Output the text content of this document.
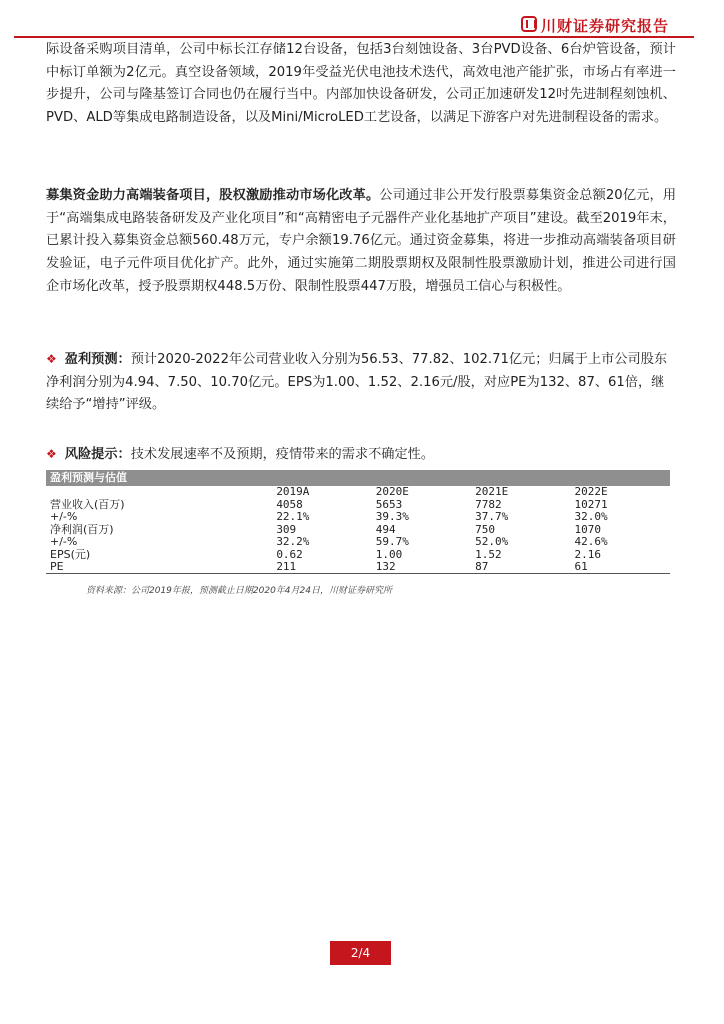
川财证券研究报告
际设备采购项目清单，公司中标长江存储12台设备，包括3台刻蚀设备、3台PVD设备、6台炉管设备，预计中标订单额为2亿元。真空设备领域，2019年受益光伏电池技术迭代，高效电池产能扩张，市场占有率进一步提升，公司与隆基签订合同也仍在履行当中。内部加快设备研发，公司正加速研发12吋先进制程刻蚀机、PVD、ALD等集成电路制造设备，以及Mini/MicroLED工艺设备，以满足下游客户对先进制程设备的需求。
募集资金助力高端装备项目，股权激励推动市场化改革。公司通过非公开发行股票募集资金总额20亿元，用于“高端集成电路装备研发及产业化项目”和“高精密电子元器件产业化基地扩产项目”建设。截至2019年末，已累计投入募集资金总额560.48万元，专户余额19.76亿元。通过资金募集，将进一步推动高端装备项目研发验证，电子元件项目优化扩产。此外，通过实施第二期股票期权及限制性股票激励计划，推进公司进行国企市场化改革，授予股票期权448.5万份、限制性股票447万股，增强员工信心与积极性。
❖ 盈利预测：预计2020-2022年公司营业收入分别为56.53、77.82、102.71亿元；归属于上市公司股东净利润分别为4.94、7.50、10.70亿元。EPS为1.00、1.52、2.16元/股，对应PE为132、87、61倍，继续给予“增持”评级。
❖ 风险提示：技术发展速率不及预期，疫情带来的需求不确定性。
盈利预测与估值
	2019A	2020E	2021E	2022E
营业收入(百万)	4058	5653	7782	10271
+/-%	22.1%	39.3%	37.7%	32.0%
净利润(百万)	309	494	750	1070
+/-%	32.2%	59.7%	52.0%	42.6%
EPS(元)	0.62	1.00	1.52	2.16
PE	211	132	87	61
资料来源：公司2019年报，预测截止日期2020年4月24日，川财证券研究所
2/4
